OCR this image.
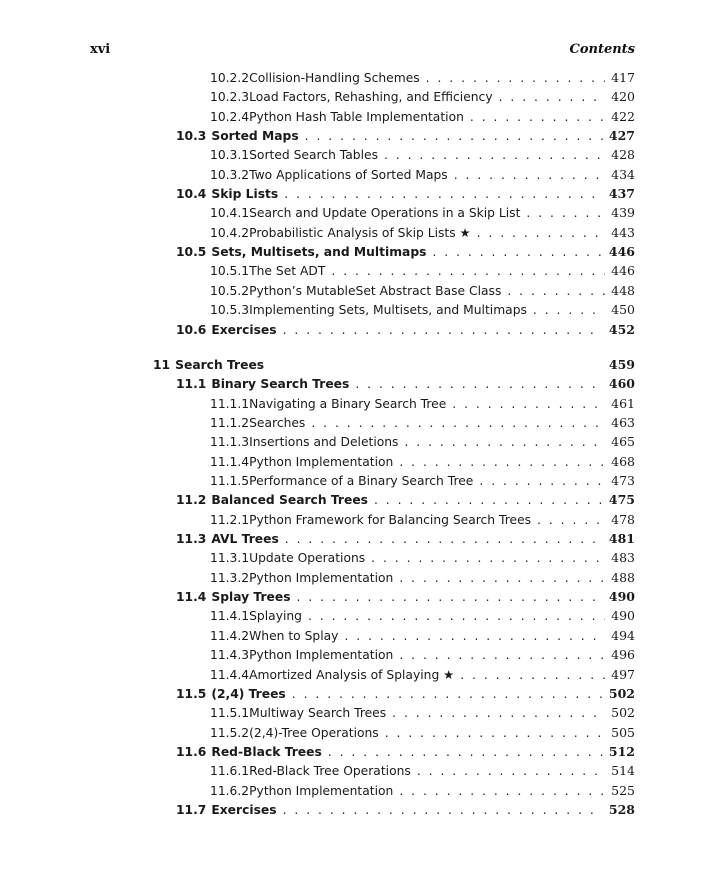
xvi	Contents
10.2.2 Collision-Handling Schemes . . .	417
10.2.3 Load Factors, Rehashing, and Efficiency . . .	420
10.2.4 Python Hash Table Implementation . . .	422
10.3 Sorted Maps . . .	427
10.3.1 Sorted Search Tables . . .	428
10.3.2 Two Applications of Sorted Maps . . .	434
10.4 Skip Lists . . .	437
10.4.1 Search and Update Operations in a Skip List . . .	439
10.4.2 Probabilistic Analysis of Skip Lists ★ . . .	443
10.5 Sets, Multisets, and Multimaps . . .	446
10.5.1 The Set ADT . . .	446
10.5.2 Python’s MutableSet Abstract Base Class . . .	448
10.5.3 Implementing Sets, Multisets, and Multimaps . . .	450
10.6 Exercises . . .	452
11 Search Trees	459
11.1 Binary Search Trees . . .	460
11.1.1 Navigating a Binary Search Tree . . .	461
11.1.2 Searches . . .	463
11.1.3 Insertions and Deletions . . .	465
11.1.4 Python Implementation . . .	468
11.1.5 Performance of a Binary Search Tree . . .	473
11.2 Balanced Search Trees . . .	475
11.2.1 Python Framework for Balancing Search Trees . . .	478
11.3 AVL Trees . . .	481
11.3.1 Update Operations . . .	483
11.3.2 Python Implementation . . .	488
11.4 Splay Trees . . .	490
11.4.1 Splaying . . .	490
11.4.2 When to Splay . . .	494
11.4.3 Python Implementation . . .	496
11.4.4 Amortized Analysis of Splaying ★ . . .	497
11.5 (2,4) Trees . . .	502
11.5.1 Multiway Search Trees . . .	502
11.5.2 (2,4)-Tree Operations . . .	505
11.6 Red-Black Trees . . .	512
11.6.1 Red-Black Tree Operations . . .	514
11.6.2 Python Implementation . . .	525
11.7 Exercises . . .	528
